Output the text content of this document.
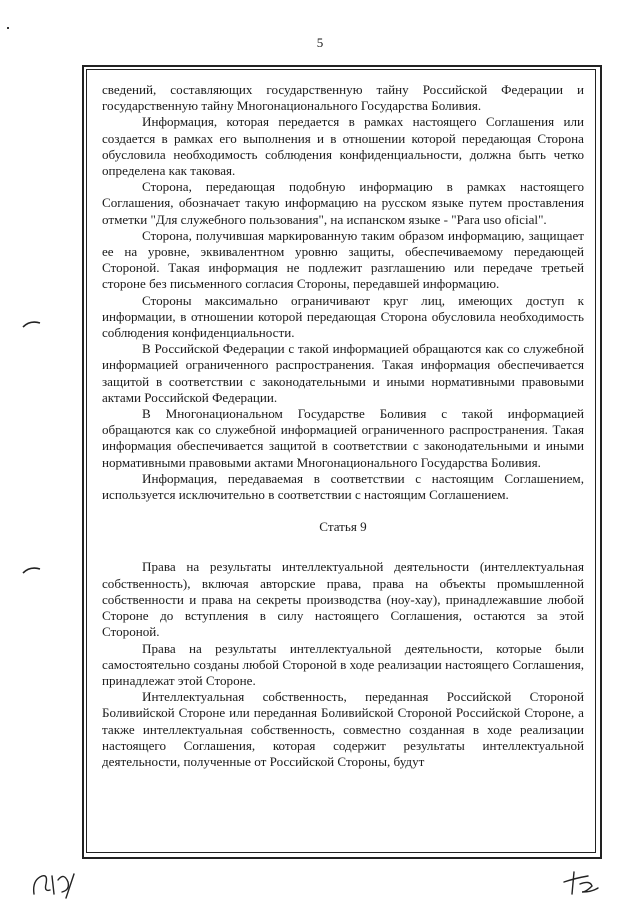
5

сведений, составляющих государственную тайну Российской Федерации и государственную тайну Многонационального Государства Боливия.

Информация, которая передается в рамках настоящего Соглашения или создается в рамках его выполнения и в отношении которой передающая Сторона обусловила необходимость соблюдения конфиденциальности, должна быть четко определена как таковая.

Сторона, передающая подобную информацию в рамках настоящего Соглашения, обозначает такую информацию на русском языке путем проставления отметки "Для служебного пользования", на испанском языке - "Para uso oficial".

Сторона, получившая маркированную таким образом информацию, защищает ее на уровне, эквивалентном уровню защиты, обеспечиваемому передающей Стороной. Такая информация не подлежит разглашению или передаче третьей стороне без письменного согласия Стороны, передавшей информацию.

Стороны максимально ограничивают круг лиц, имеющих доступ к информации, в отношении которой передающая Сторона обусловила необходимость соблюдения конфиденциальности.

В Российской Федерации с такой информацией обращаются как со служебной информацией ограниченного распространения. Такая информация обеспечивается защитой в соответствии с законодательными и иными нормативными правовыми актами Российской Федерации.

В Многонациональном Государстве Боливия с такой информацией обращаются как со служебной информацией ограниченного распространения. Такая информация обеспечивается защитой в соответствии с законодательными и иными нормативными правовыми актами Многонационального Государства Боливия.

Информация, передаваемая в соответствии с настоящим Соглашением, используется исключительно в соответствии с настоящим Соглашением.

Статья 9

Права на результаты интеллектуальной деятельности (интеллектуальная собственность), включая авторские права, права на объекты промышленной собственности и права на секреты производства (ноу-хау), принадлежавшие любой Стороне до вступления в силу настоящего Соглашения, остаются за этой Стороной.

Права на результаты интеллектуальной деятельности, которые были самостоятельно созданы любой Стороной в ходе реализации настоящего Соглашения, принадлежат этой Стороне.

Интеллектуальная собственность, переданная Российской Стороной Боливийской Стороне или переданная Боливийской Стороной Российской Стороне, а также интеллектуальная собственность, совместно созданная в ходе реализации настоящего Соглашения, которая содержит результаты интеллектуальной деятельности, полученные от Российской Стороны, будут
